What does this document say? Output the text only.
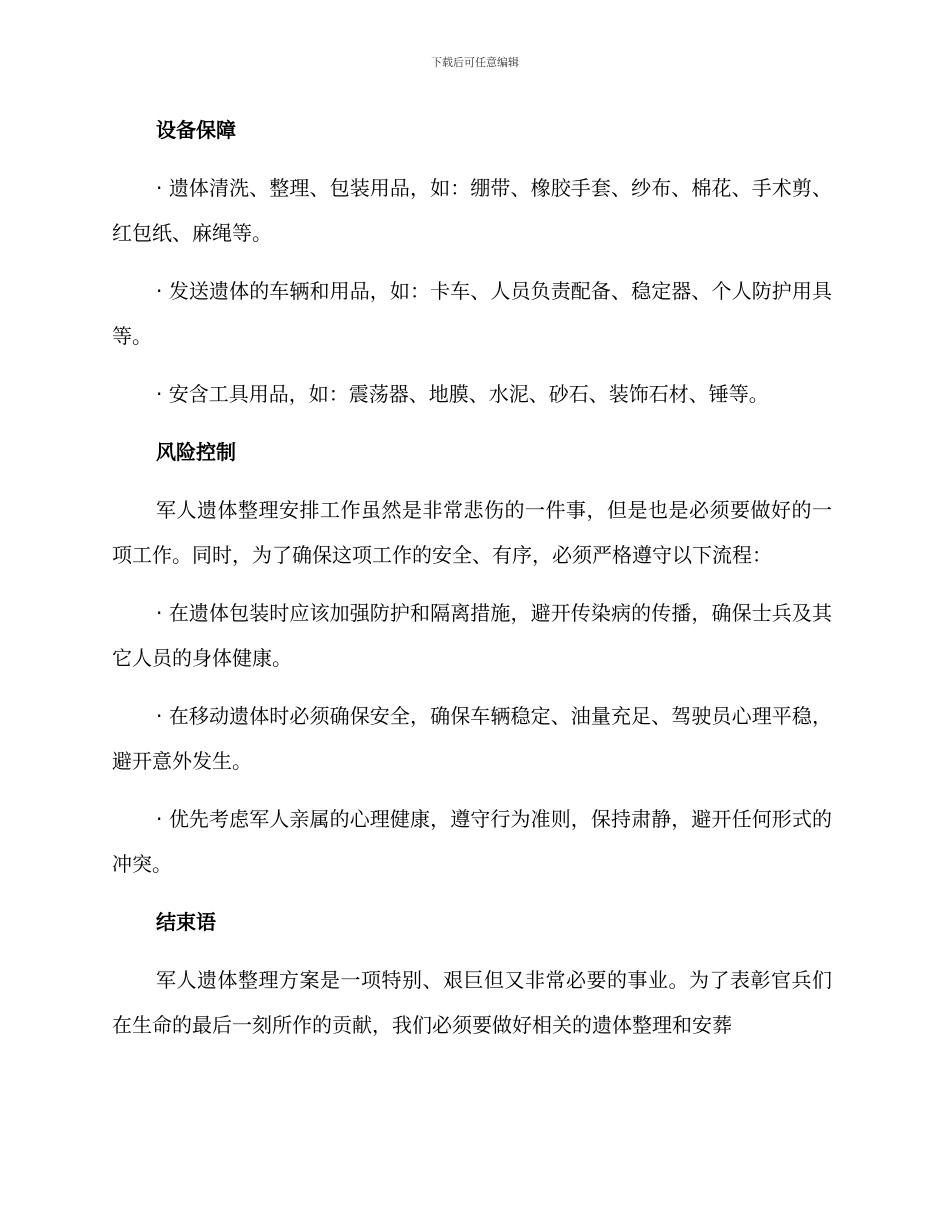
下载后可任意编辑
设备保障

· 遗体清洗、整理、包装用品，如：绷带、橡胶手套、纱布、棉花、手术剪、红包纸、麻绳等。

· 发送遗体的车辆和用品，如：卡车、人员负责配备、稳定器、个人防护用具等。

· 安含工具用品，如：震荡器、地膜、水泥、砂石、装饰石材、锤等。

风险控制

军人遗体整理安排工作虽然是非常悲伤的一件事，但是也是必须要做好的一项工作。同时，为了确保这项工作的安全、有序，必须严格遵守以下流程：

· 在遗体包装时应该加强防护和隔离措施，避开传染病的传播，确保士兵及其它人员的身体健康。

· 在移动遗体时必须确保安全，确保车辆稳定、油量充足、驾驶员心理平稳，避开意外发生。

· 优先考虑军人亲属的心理健康，遵守行为准则，保持肃静，避开任何形式的冲突。

结束语

军人遗体整理方案是一项特别、艰巨但又非常必要的事业。为了表彰官兵们在生命的最后一刻所作的贡献，我们必须要做好相关的遗体整理和安葬
